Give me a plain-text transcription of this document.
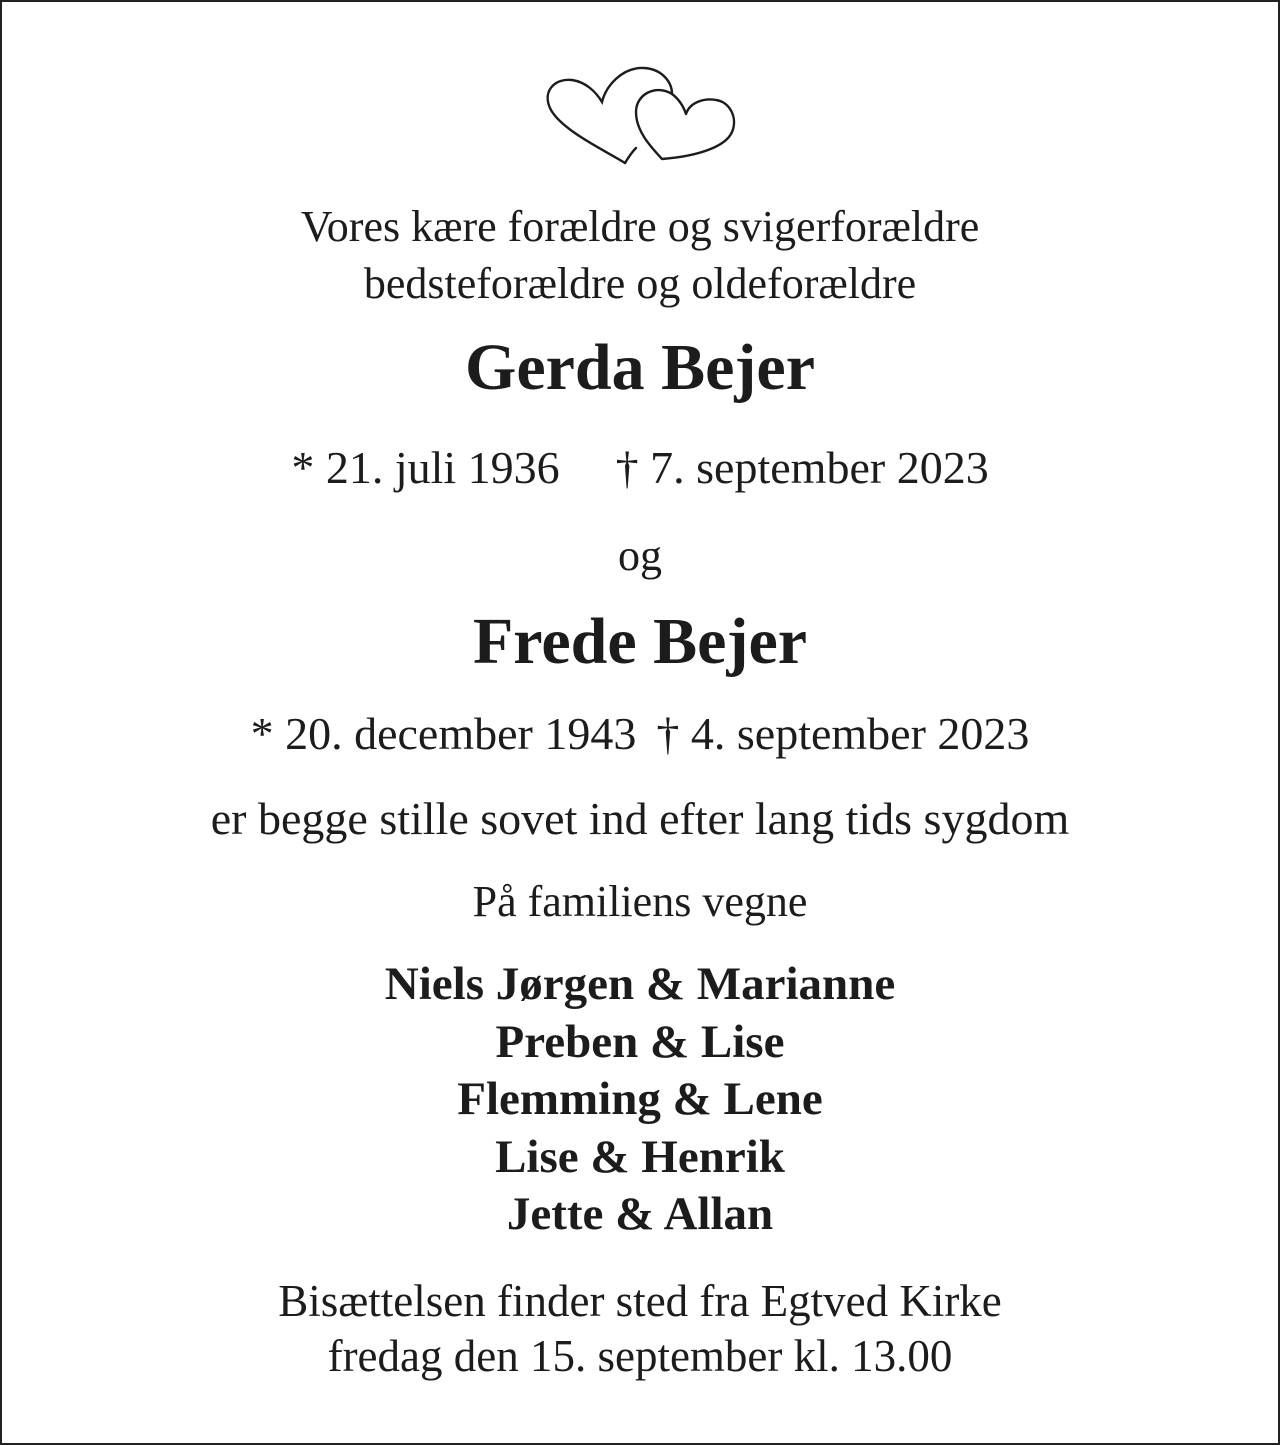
Vores kære forældre og svigerforældre
bedsteforældre og oldeforældre
Gerda Bejer
* 21. juli 1936 † 7. september 2023
og
Frede Bejer
* 20. december 1943 † 4. september 2023
er begge stille sovet ind efter lang tids sygdom
På familiens vegne
Niels Jørgen & Marianne
Preben & Lise
Flemming & Lene
Lise & Henrik
Jette & Allan
Bisættelsen finder sted fra Egtved Kirke
fredag den 15. september kl. 13.00
